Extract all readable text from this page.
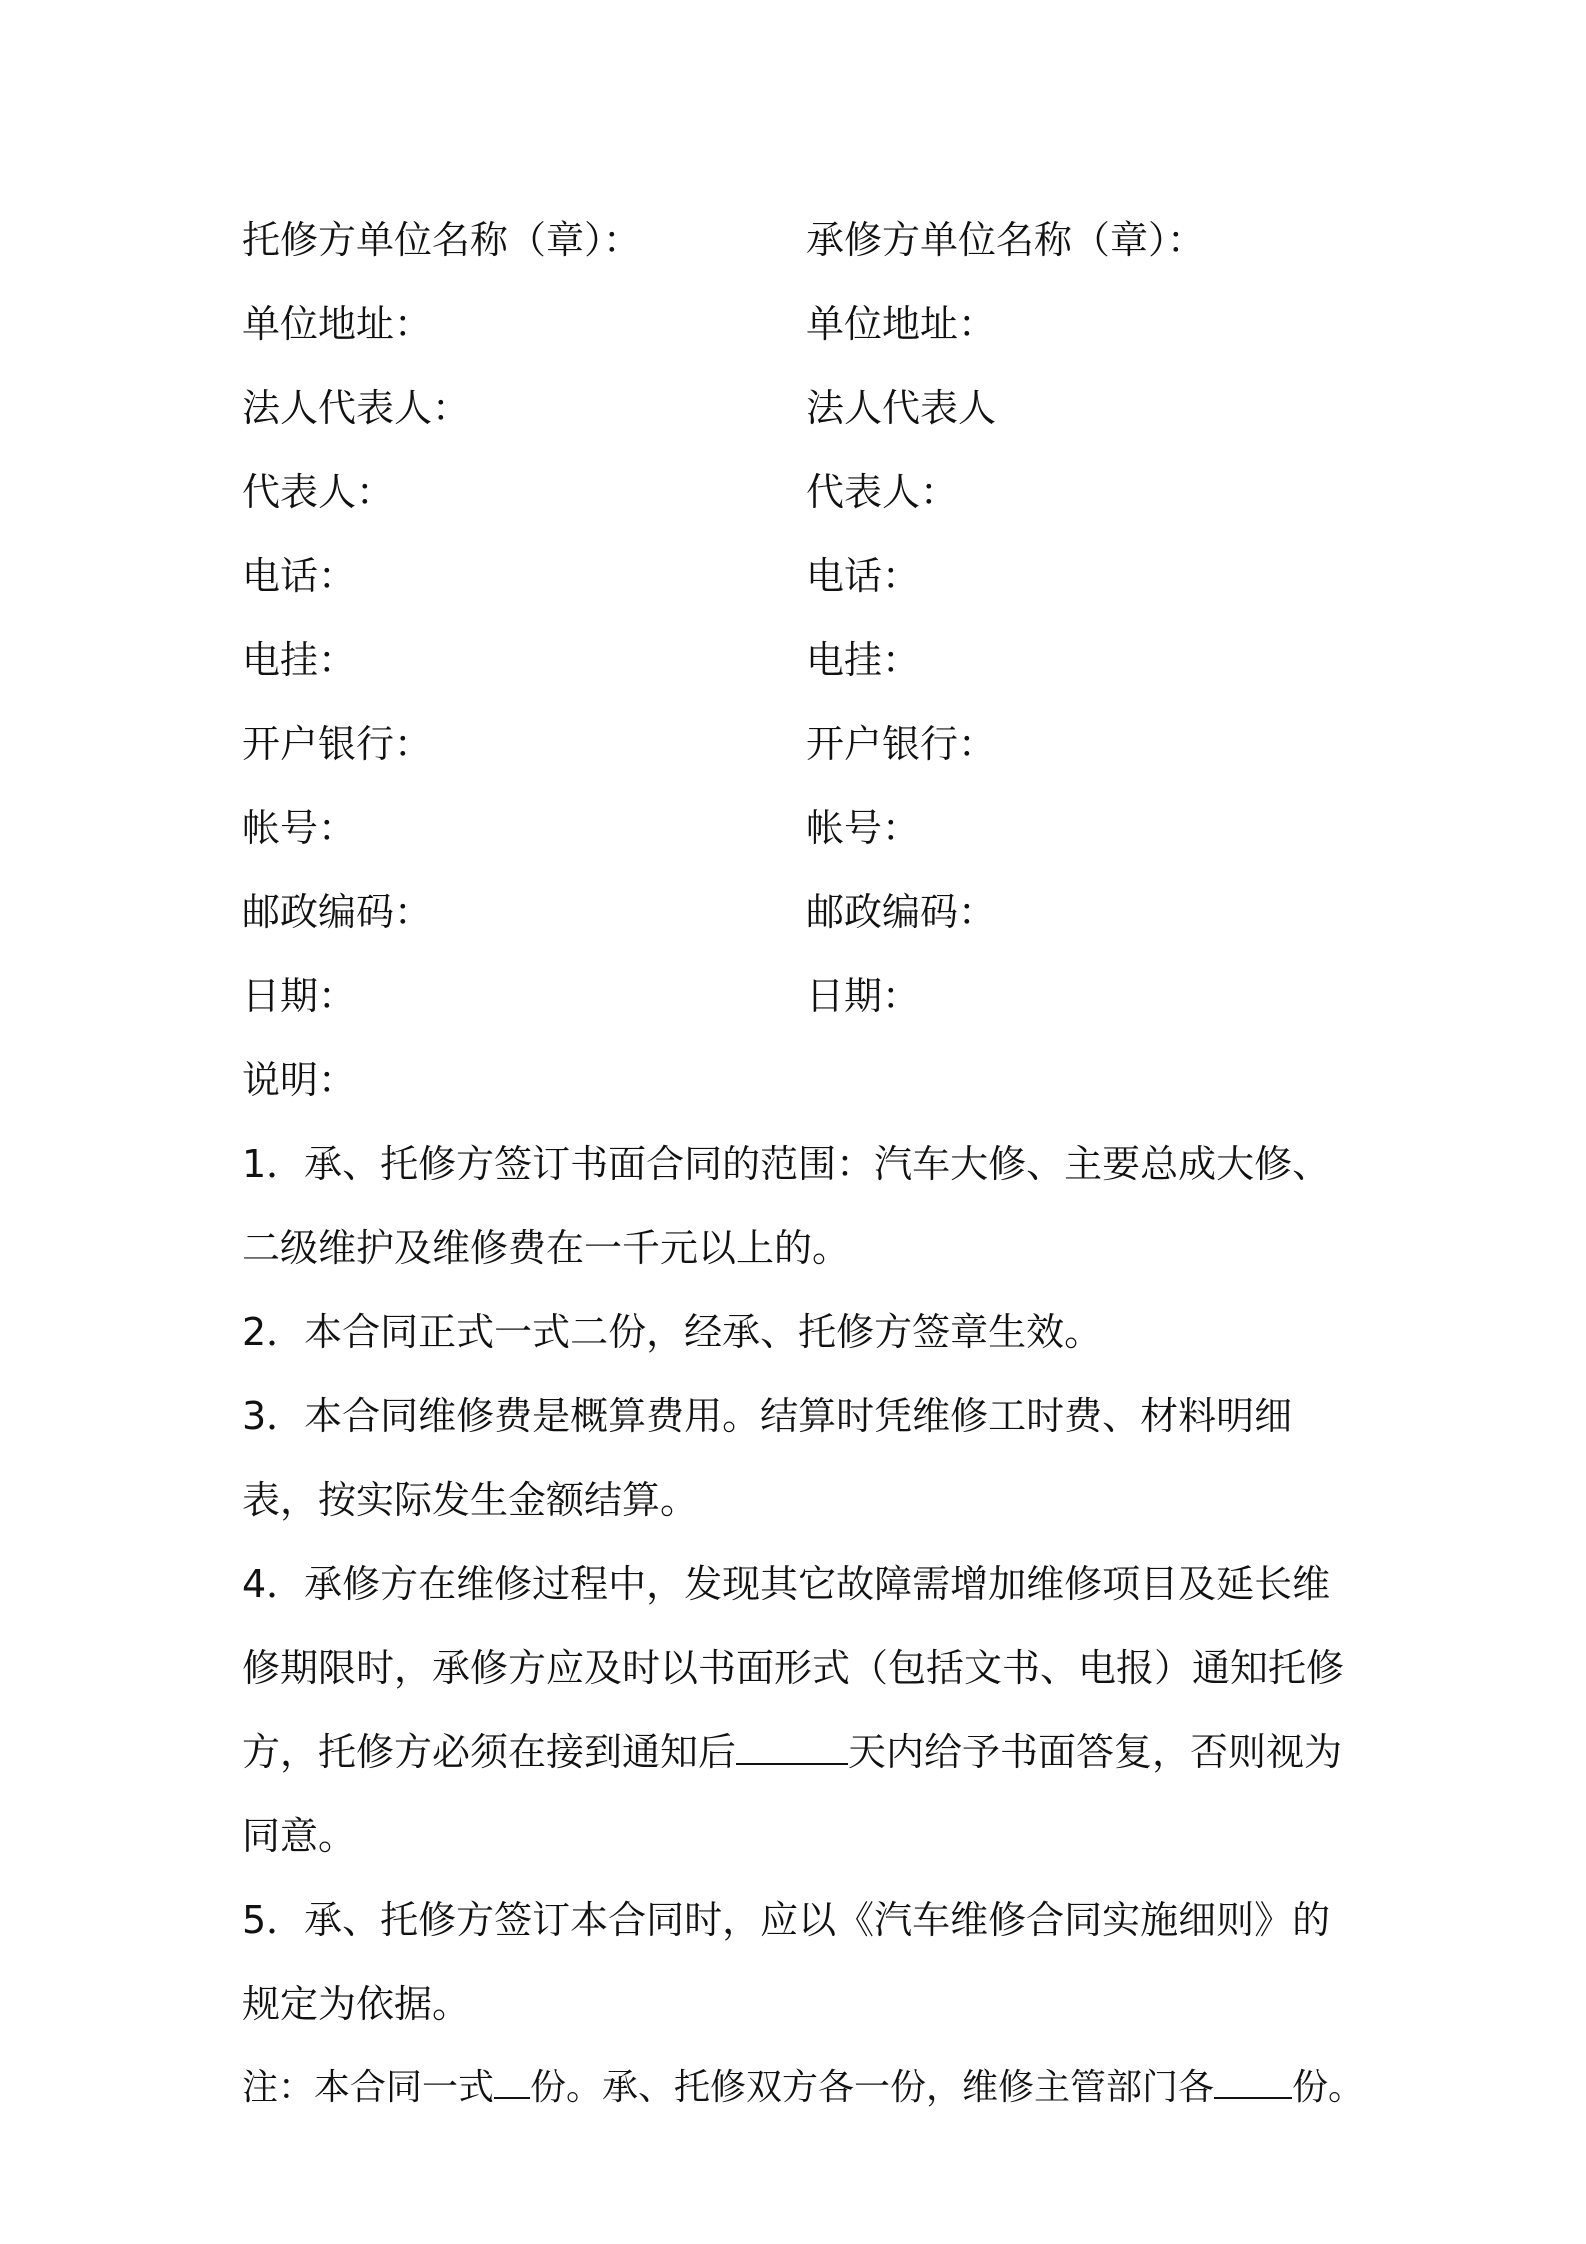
托修方单位名称（章）：	承修方单位名称（章）：
单位地址：	单位地址：
法人代表人：	法人代表人
代表人：	代表人：
电话：	电话：
电挂：	电挂：
开户银行：	开户银行：
帐号：	帐号：
邮政编码：	邮政编码：
日期：	日期：
说明：

1．承、托修方签订书面合同的范围：汽车大修、主要总成大修、二级维护及维修费在一千元以上的。

2．本合同正式一式二份，经承、托修方签章生效。

3．本合同维修费是概算费用。结算时凭维修工时费、材料明细表，按实际发生金额结算。

4．承修方在维修过程中，发现其它故障需增加维修项目及延长维修期限时，承修方应及时以书面形式（包括文书、电报）通知托修方，托修方必须在接到通知后	天内给予书面答复，否则视为同意。

5．承、托修方签订本合同时，应以《汽车维修合同实施细则》的规定为依据。

注：本合同一式 份。承、托修双方各一份，维修主管部门各 份。
